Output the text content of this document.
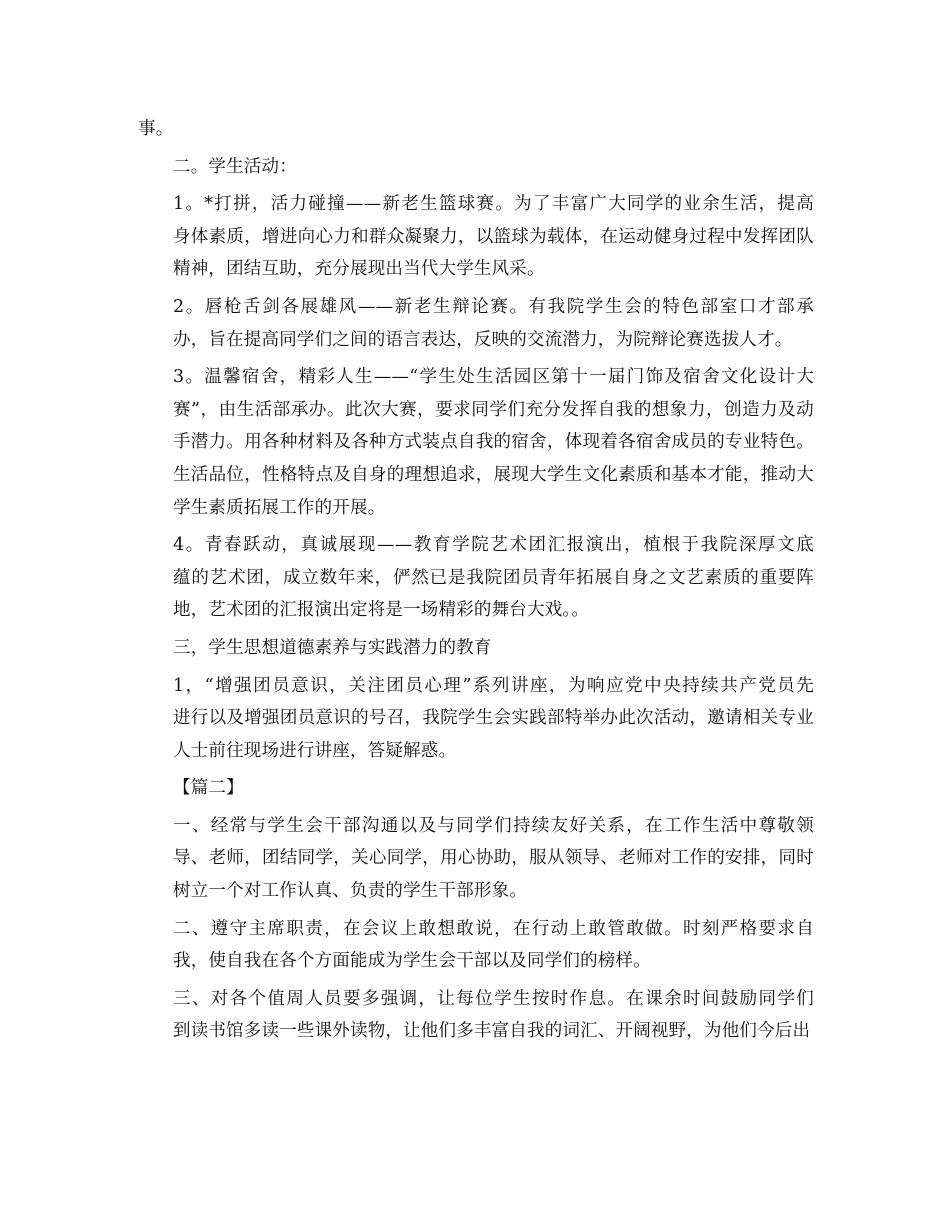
事。

二。学生活动：

1。*打拼，活力碰撞——新老生篮球赛。为了丰富广大同学的业余生活，提高
身体素质，增进向心力和群众凝聚力，以篮球为载体，在运动健身过程中发挥团队
精神，团结互助，充分展现出当代大学生风采。

2。唇枪舌剑各展雄风——新老生辩论赛。有我院学生会的特色部室口才部承
办，旨在提高同学们之间的语言表达，反映的交流潜力，为院辩论赛选拔人才。

3。温馨宿舍，精彩人生——“学生处生活园区第十一届门饰及宿舍文化设计大
赛”，由生活部承办。此次大赛，要求同学们充分发挥自我的想象力，创造力及动
手潜力。用各种材料及各种方式装点自我的宿舍，体现着各宿舍成员的专业特色。
生活品位，性格特点及自身的理想追求，展现大学生文化素质和基本才能，推动大
学生素质拓展工作的开展。

4。青春跃动，真诚展现——教育学院艺术团汇报演出，植根于我院深厚文底
蕴的艺术团，成立数年来，俨然已是我院团员青年拓展自身之文艺素质的重要阵
地，艺术团的汇报演出定将是一场精彩的舞台大戏。。

三，学生思想道德素养与实践潜力的教育

1，“增强团员意识，关注团员心理”系列讲座，为响应党中央持续共产党员先
进行以及增强团员意识的号召，我院学生会实践部特举办此次活动，邀请相关专业
人士前往现场进行讲座，答疑解惑。

【篇二】

一、经常与学生会干部沟通以及与同学们持续友好关系，在工作生活中尊敬领
导、老师，团结同学，关心同学，用心协助，服从领导、老师对工作的安排，同时
树立一个对工作认真、负责的学生干部形象。

二、遵守主席职责，在会议上敢想敢说，在行动上敢管敢做。时刻严格要求自
我，使自我在各个方面能成为学生会干部以及同学们的榜样。

三、对各个值周人员要多强调，让每位学生按时作息。在课余时间鼓励同学们
到读书馆多读一些课外读物，让他们多丰富自我的词汇、开阔视野，为他们今后出
